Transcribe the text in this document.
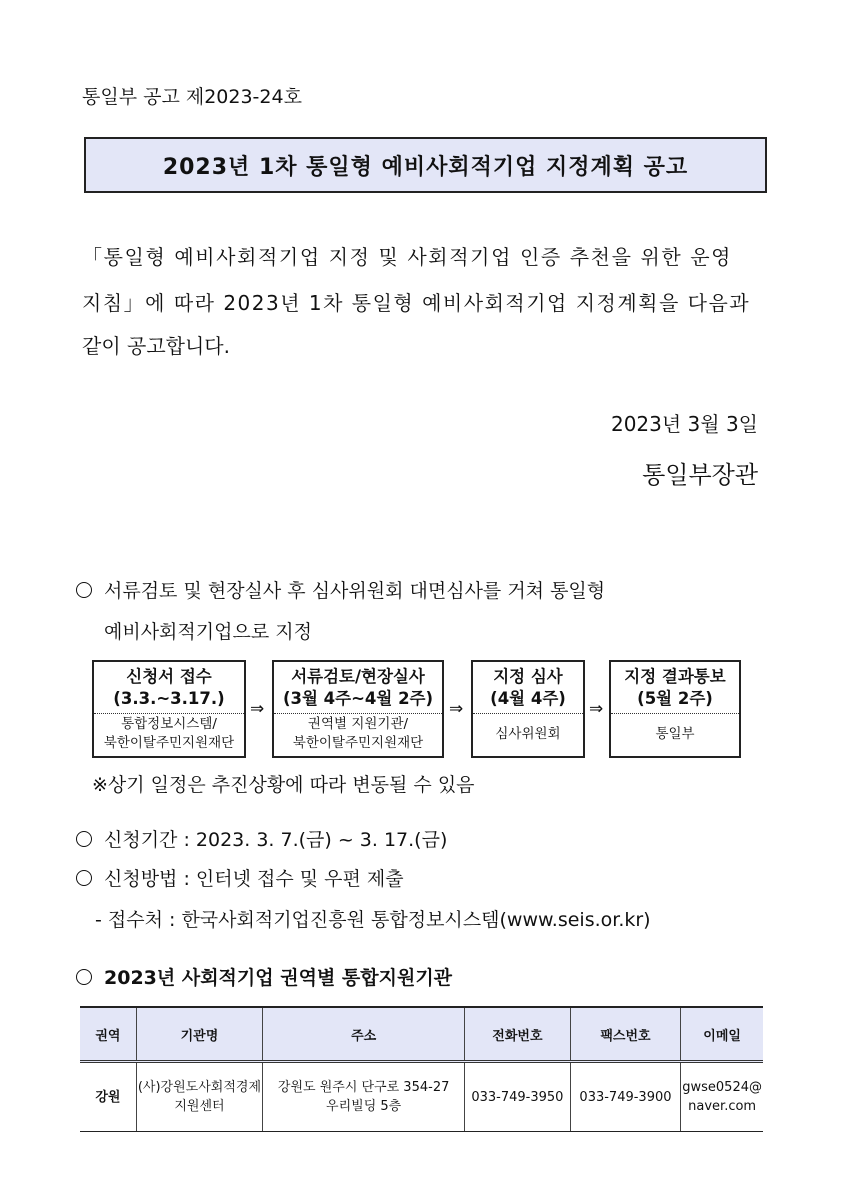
통일부 공고 제2023-24호
2023년 1차 통일형 예비사회적기업 지정계획 공고
「통일형 예비사회적기업 지정 및 사회적기업 인증 추천을 위한 운영
지침」에 따라 2023년 1차 통일형 예비사회적기업 지정계획을 다음과
같이 공고합니다.
2023년 3월 3일
통일부장관
서류검토 및 현장실사 후 심사위원회 대면심사를 거쳐 통일형
예비사회적기업으로 지정
신청서 접수
(3.3.~3.17.)
통합정보시스템/
북한이탈주민지원재단
⇒
서류검토/현장실사
(3월 4주~4월 2주)
권역별 지원기관/
북한이탈주민지원재단
⇒
지정 심사
(4월 4주)
심사위원회
⇒
지정 결과통보
(5월 2주)
통일부
※상기 일정은 추진상황에 따라 변동될 수 있음
신청기간 : 2023. 3. 7.(금) ~ 3. 17.(금)
신청방법 : 인터넷 접수 및 우편 제출
- 접수처 : 한국사회적기업진흥원 통합정보시스템(www.seis.or.kr)
2023년 사회적기업 권역별 통합지원기관
권역	기관명	주소	전화번호	팩스번호	이메일
강원	(사)강원도사회적경제
지원센터	강원도 원주시 단구로 354-27
우리빌딩 5층	033-749-3950	033-749-3900	gwse0524@
naver.com
